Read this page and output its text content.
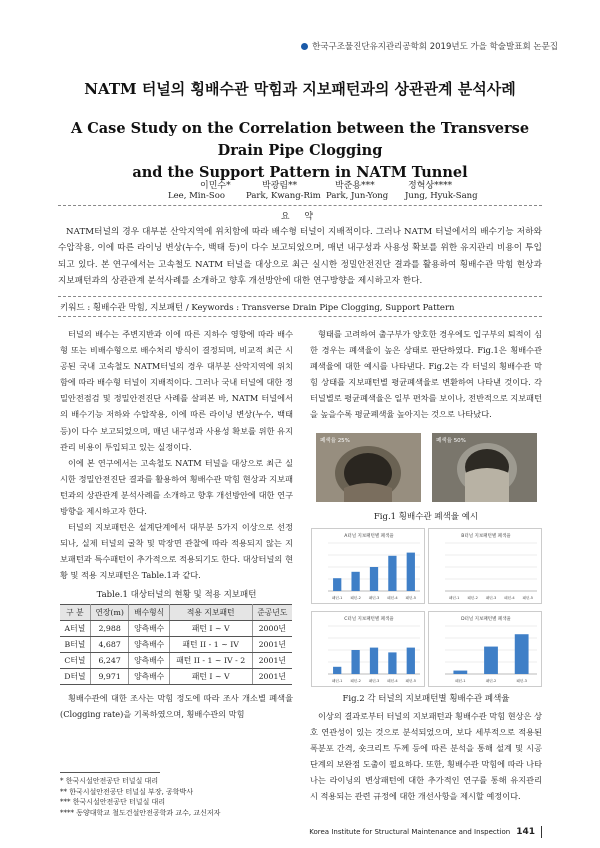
한국구조물진단유지관리공학회 2019년도 가을 학술발표회 논문집
NATM 터널의 횡배수관 막힘과 지보패턴과의 상관관계 분석사례
A Case Study on the Correlation between the Transverse Drain Pipe Clogging
and the Support Pattern in NATM Tunnel
이민수*	박광림**	박준용***	정혁상****
Lee, Min-Soo Park, Kwang-Rim Park, Jun-Yong Jung, Hyuk-Sang
요 약
NATM터널의 경우 대부분 산악지역에 위치함에 따라 배수형 터널이 지배적이다. 그러나 NATM 터널에서의 배수기능 저하와 수압작용, 이에 따른 라이닝 변상(누수, 백태 등)이 다수 보고되었으며, 매년 내구성과 사용성 확보를 위한 유지관리 비용이 투입되고 있다. 본 연구에서는 고속철도 NATM 터널을 대상으로 최근 실시한 정밀안전진단 결과를 활용하여 횡배수관 막힘 현상과 지보패턴과의 상관관계 분석사례를 소개하고 향후 개선방안에 대한 연구방향을 제시하고자 한다.
키워드 : 횡배수관 막힘, 지보패턴 / Keywords : Transverse Drain Pipe Clogging, Support Pattern

터널의 배수는 주변지반과 이에 따른 지하수 영향에 따라 배수형 또는 비배수형으로 배수처리 방식이 결정되며, 비교적 최근 시공된 국내 고속철도 NATM터널의 경우 대부분 산악지역에 위치함에 따라 배수형 터널이 지배적이다. 그러나 국내 터널에 대한 정밀안전점검 및 정밀안전진단 사례를 살펴본 바, NATM 터널에서의 배수기능 저하와 수압작용, 이에 따른 라이닝 변상(누수, 백태 등)이 다수 보고되었으며, 매년 내구성과 사용성 확보를 위한 유지관리 비용이 투입되고 있는 실정이다.

이에 본 연구에서는 고속철도 NATM 터널을 대상으로 최근 실시한 정밀안전진단 결과를 활용하여 횡배수관 막힘 현상과 지보패턴과의 상관관계 분석사례를 소개하고 향후 개선방안에 대한 연구방향을 제시하고자 한다.

터널의 지보패턴은 설계단계에서 대부분 5가지 이상으로 선정되나, 실제 터널의 굴착 및 막장면 관찰에 따라 적용되지 않는 지보패턴과 특수패턴이 추가적으로 적용되기도 한다. 대상터널의 현황 및 적용 지보패턴은 Table.1과 같다.

Table.1 대상터널의 현황 및 적용 지보패턴
구 분	연장(m)	배수형식	적용 지보패턴	준공년도
A터널	2,988	양측배수	패턴 I ~ V	2000년
B터널	4,687	양측배수	패턴 II - 1 ~ IV	2001년
C터널	6,247	양측배수	패턴 II - 1 ~ IV - 2	2001년
D터널	9,971	양측배수	패턴 I ~ V	2001년

횡배수관에 대한 조사는 막힘 정도에 따라 조사 개소별 폐색율(Clogging rate)을 기록하였으며, 횡배수관의 막힘

형태를 고려하여 출구부가 양호한 경우에도 입구부의 퇴적이 심한 경우는 폐색율이 높은 상태로 판단하였다. Fig.1은 횡배수관 폐색율에 대한 예시를 나타낸다. Fig.2는 각 터널의 횡배수관 막힘 상태를 지보패턴별 평균폐색율로 변환하여 나타낸 것이다. 각 터널별로 평균폐색율은 일부 편차를 보이나, 전반적으로 지보패턴을 높을수록 평균폐색율 높아지는 것으로 나타났다.

폐색율 25%	폐색율 50%
Fig.1 횡배수관 폐색율 예시
A터널 지보패턴별 폐색율
패턴-1 패턴-2 패턴-3 패턴-4 패턴-5
B터널 지보패턴별 폐색율
패턴-1 패턴-2 패턴-3 패턴-4 패턴-5
C터널 지보패턴별 폐색율
패턴-1 패턴-2 패턴-3 패턴-4 패턴-5
D터널 지보패턴별 폐색율
패턴-1	패턴-2	패턴-3
Fig.2 각 터널의 지보패턴별 횡배수관 폐색율

이상의 결과로부터 터널의 지보패턴과 횡배수관 막힘 현상은 상호 연관성이 있는 것으로 분석되었으며, 보다 세부적으로 적용된 폭분포 간격, 숏크리트 두께 등에 따른 분석을 통해 설계 및 시공단계의 보완점 도출이 필요하다. 또한, 횡배수관 막힘에 따라 나타나는 라이닝의 변상패턴에 대한 추가적인 연구를 통해 유지관리 시 적용되는 관련 규정에 대한 개선사항을 제시할 예정이다.

* 한국시설안전공단 터널실 대리
** 한국시설안전공단 터널실 부장, 공학박사
*** 한국시설안전공단 터널실 대리
**** 동양대학교 철도건설안전공학과 교수, 교신저자
Korea Institute for Structural Maintenance and Inspection 141
